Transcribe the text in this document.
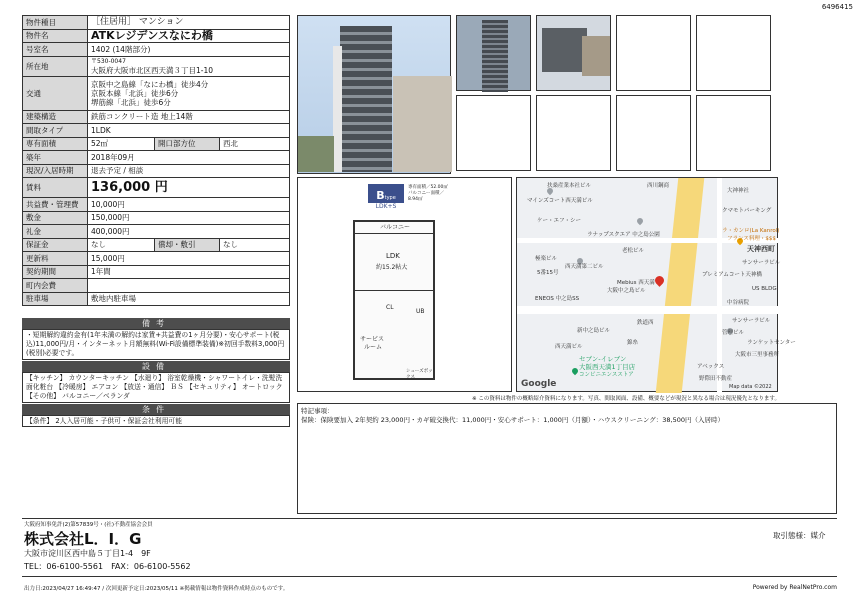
6496415
物件種目	［住居用］ マンション		
物件名	ATKレジデンスなにわ橋		
号室名	1402 (14階部分)		
所在地	〒530-0047
大阪府大阪市北区西天満３丁目1-10		

交通	京阪中之島線「なにわ橋」徒歩4分
京阪本線「北浜」徒歩6分
堺筋線「北浜」徒歩6分		

建築構造	鉄筋コンクリート造 地上14階		
間取タイプ	1LDK		
専有面積	52㎡	開口部方位	西北
築年	2018年09月		
現況/入居時期	退去予定 / 相談		
賃料	136,000 円		
共益費・管理費	10,000円		
敷金	150,000円		
礼金	400,000円		
保証金	なし	償却・敷引	なし
更新料	15,000円		
契約期間	1年間		
町内会費			
駐車場	敷地内駐車場		
備考
・短期解約違約金有(1年未満の解約は家賃+共益費の1ヶ月分要)・安心サポート(税込)11,000円/月・インターネット月額無料(Wi-Fi設備標準装備)※初回手数料3,000円(税別)必要です。
設備
【キッチン】 カウンターキッチン 【水廻り】 浴室乾燥機・シャワートイレ・洗髪洗面化粧台 【冷暖房】 エアコン 【放送・通信】 ＢＳ 【セキュリティ】 オートロック 【その他】 バルコニー／ベランダ
条件
【条件】 2人入居可能・子供可・保証会社利用可能
Btype
LDK+S
専有面積／52.00㎡ バルコニー面積／8.94㎡
バルコニー
LDK
約15.2帖大
CL
UB
サービス
ルーム
シューズボックス
扶桑産業本社ビル	西川鋼商
マインズコート西天満ビル
大神神社
ケー・エフ・シー
クマモトパーキング
ラナップスクエア 中之島公園
ラ・カンロ(La Kanrol)
フランス料理・$$$
老松ビル	天神西町
極楽ビル
西天満第二ビル
プレミアムコート天神橋
5番15号
Mebius 西天満
大阪中之島ビル
ENEOS 中之島SS
US BLDG
中谷病院
新中之島ビル	管理ビル
大阪市三里事務所
サンサーラビル
西天満ビル
セブン-イレブン
大阪西天満1丁目店
コンビニエンスストア
アベックス
野際田不動産
鉄道西
錦糸	ランケットセンター
サンサーラビル
Google	Map data ©2022
※ この資料は物件の概略紹介資料になります。写真、間取図面、設備、概要などが現況と異なる場合は現況優先となります。
特記事項：
保険：保険要加入 2年契約 23,000円・カギ破交換代：11,000円・安心サポート：1,000円（月額）・ハウスクリーニング：38,500円（入居時）
大阪府知事免許(2)第57839号・(社)不動産協会会員
株式会社L．I．G
大阪市淀川区西中島５丁目1-4　9F
TEL：06-6100-5561　FAX：06-6100-5562
取引態様：媒介
出力日:2023/04/27 16:49:47 / 次回更新予定日:2023/05/11 ※掲載情報は物件資料作成時点のものです。	Powered by RealNetPro.com
